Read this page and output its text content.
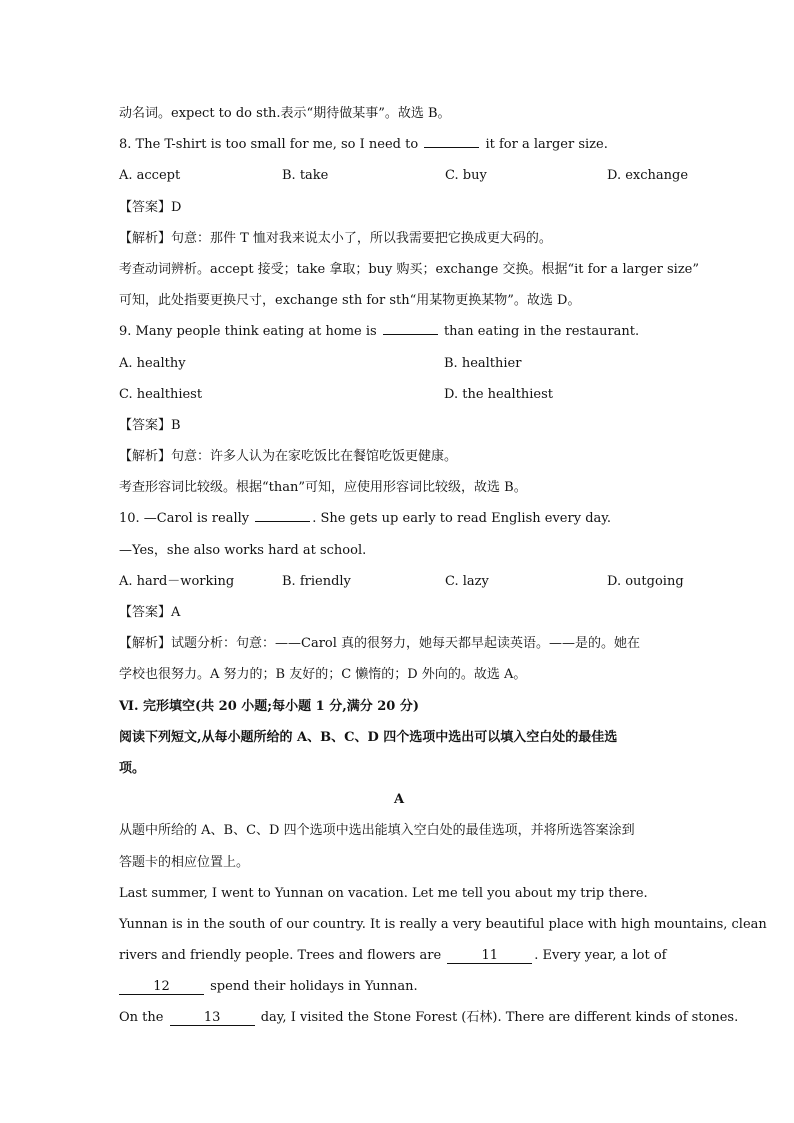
动名词。expect to do sth.表示“期待做某事”。故选 B。
8. The T-shirt is too small for me, so I need to	it for a larger size.
A. accept	B. take	C. buy	D. exchange
【答案】D
【解析】句意：那件 T 恤对我来说太小了，所以我需要把它换成更大码的。
考查动词辨析。accept 接受；take 拿取；buy 购买；exchange 交换。根据“it for a larger size”
可知，此处指要更换尺寸，exchange sth for sth“用某物更换某物”。故选 D。
9. Many people think eating at home is	than eating in the restaurant.
A. healthy	B. healthier
C. healthiest	D. the healthiest
【答案】B
【解析】句意：许多人认为在家吃饭比在餐馆吃饭更健康。
考查形容词比较级。根据“than”可知，应使用形容词比较级，故选 B。
10. —Carol is really	. She gets up early to read English every day.
—Yes，she also works hard at school.
A. hard－working	B. friendly	C. lazy	D. outgoing
【答案】A
【解析】试题分析：句意：——Carol 真的很努力，她每天都早起读英语。——是的。她在
学校也很努力。A 努力的；B 友好的；C 懒惰的；D 外向的。故选 A。
Ⅵ. 完形填空(共 20 小题;每小题 1 分,满分 20 分)
阅读下列短文,从每小题所给的 A、B、C、D 四个选项中选出可以填入空白处的最佳选
项。
A
从题中所给的 A、B、C、D 四个选项中选出能填入空白处的最佳选项，并将所选答案涂到
答题卡的相应位置上。
Last summer, I went to Yunnan on vacation. Let me tell you about my trip there.
Yunnan is in the south of our country. It is really a very beautiful place with high mountains, clean
rivers and friendly people. Trees and flowers are	11	. Every year, a lot of
12	spend their holidays in Yunnan.
On the	13	day, I visited the Stone Forest (石林). There are different kinds of stones.
